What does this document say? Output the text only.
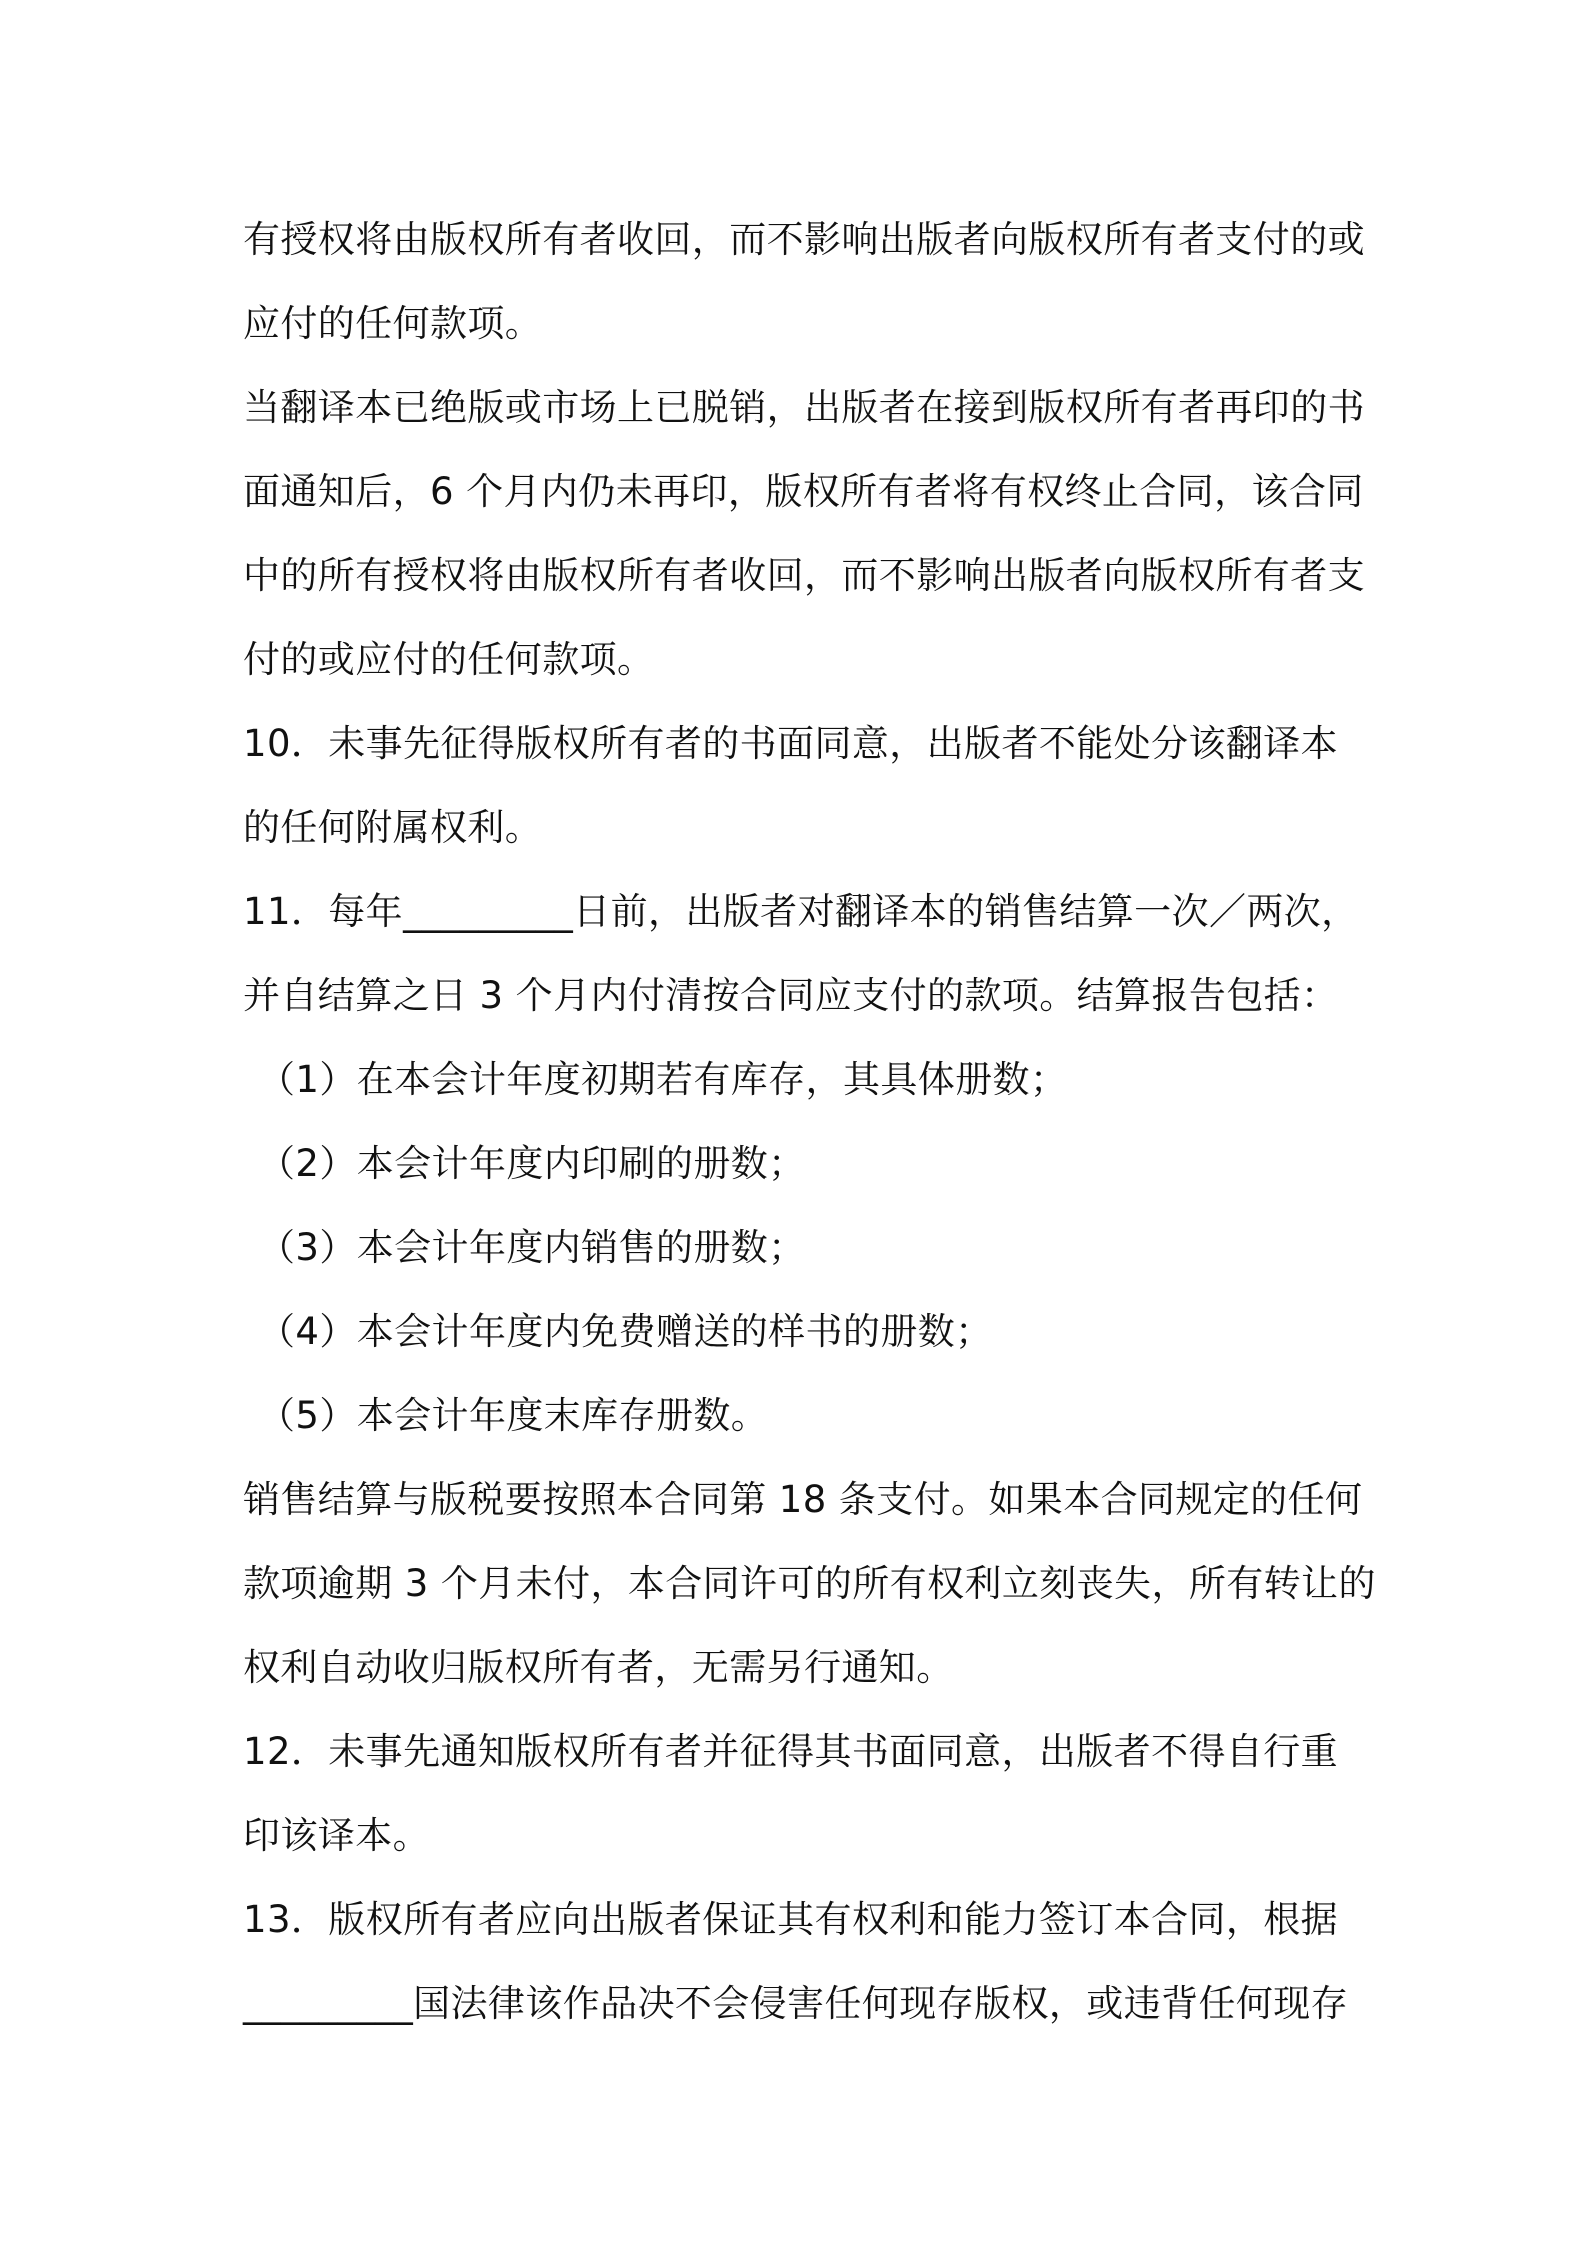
有授权将由版权所有者收回，而不影响出版者向版权所有者支付的或
应付的任何款项。
当翻译本已绝版或市场上已脱销，出版者在接到版权所有者再印的书
面通知后，6 个月内仍未再印，版权所有者将有权终止合同，该合同
中的所有授权将由版权所有者收回，而不影响出版者向版权所有者支
付的或应付的任何款项。
10．未事先征得版权所有者的书面同意，出版者不能处分该翻译本
的任何附属权利。
11．每年_________日前，出版者对翻译本的销售结算一次／两次，
并自结算之日 3 个月内付清按合同应支付的款项。结算报告包括：
（1）在本会计年度初期若有库存，其具体册数；
（2）本会计年度内印刷的册数；
（3）本会计年度内销售的册数；
（4）本会计年度内免费赠送的样书的册数；
（5）本会计年度末库存册数。
销售结算与版税要按照本合同第 18 条支付。如果本合同规定的任何
款项逾期 3 个月未付，本合同许可的所有权利立刻丧失，所有转让的
权利自动收归版权所有者，无需另行通知。
12．未事先通知版权所有者并征得其书面同意，出版者不得自行重
印该译本。
13．版权所有者应向出版者保证其有权利和能力签订本合同，根据
_________国法律该作品决不会侵害任何现存版权，或违背任何现存
